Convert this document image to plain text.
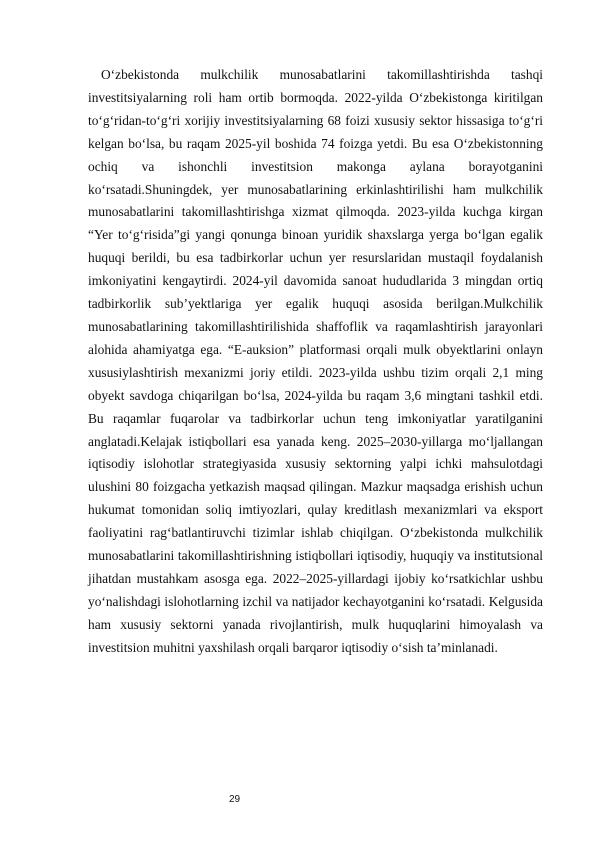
O‘zbekistonda mulkchilik munosabatlarini takomillashtirishda tashqi investitsiyalarning roli ham ortib bormoqda. 2022-yilda O‘zbekistonga kiritilgan to‘g‘ridan-to‘g‘ri xorijiy investitsiyalarning 68 foizi xususiy sektor hissasiga to‘g‘ri kelgan bo‘lsa, bu raqam 2025-yil boshida 74 foizga yetdi. Bu esa O‘zbekistonning ochiq va ishonchli investitsion makonga aylana borayotganini ko‘rsatadi.Shuningdek, yer munosabatlarining erkinlashtirilishi ham mulkchilik munosabatlarini takomillashtirishga xizmat qilmoqda. 2023-yilda kuchga kirgan “Yer to‘g‘risida”gi yangi qonunga binoan yuridik shaxslarga yerga bo‘lgan egalik huquqi berildi, bu esa tadbirkorlar uchun yer resurslaridan mustaqil foydalanish imkoniyatini kengaytirdi. 2024-yil davomida sanoat hududlarida 3 mingdan ortiq tadbirkorlik sub’yektlariga yer egalik huquqi asosida berilgan.Mulkchilik munosabatlarining takomillashtirilishida shaffoflik va raqamlashtirish jarayonlari alohida ahamiyatga ega. “E-auksion” platformasi orqali mulk obyektlarini onlayn xususiylashtirish mexanizmi joriy etildi. 2023-yilda ushbu tizim orqali 2,1 ming obyekt savdoga chiqarilgan bo‘lsa, 2024-yilda bu raqam 3,6 mingtani tashkil etdi. Bu raqamlar fuqarolar va tadbirkorlar uchun teng imkoniyatlar yaratilganini anglatadi.Kelajak istiqbollari esa yanada keng. 2025–2030-yillarga mo‘ljallangan iqtisodiy islohotlar strategiyasida xususiy sektorning yalpi ichki mahsulotdagi ulushini 80 foizgacha yetkazish maqsad qilingan. Mazkur maqsadga erishish uchun hukumat tomonidan soliq imtiyozlari, qulay kreditlash mexanizmlari va eksport faoliyatini rag‘batlantiruvchi tizimlar ishlab chiqilgan. O‘zbekistonda mulkchilik munosabatlarini takomillashtirishning istiqbollari iqtisodiy, huquqiy va institutsional jihatdan mustahkam asosga ega. 2022–2025-yillardagi ijobiy ko‘rsatkichlar ushbu yo‘nalishdagi islohotlarning izchil va natijador kechayotganini ko‘rsatadi. Kelgusida ham xususiy sektorni yanada rivojlantirish, mulk huquqlarini himoyalash va investitsion muhitni yaxshilash orqali barqaror iqtisodiy o‘sish ta’minlanadi.

29
